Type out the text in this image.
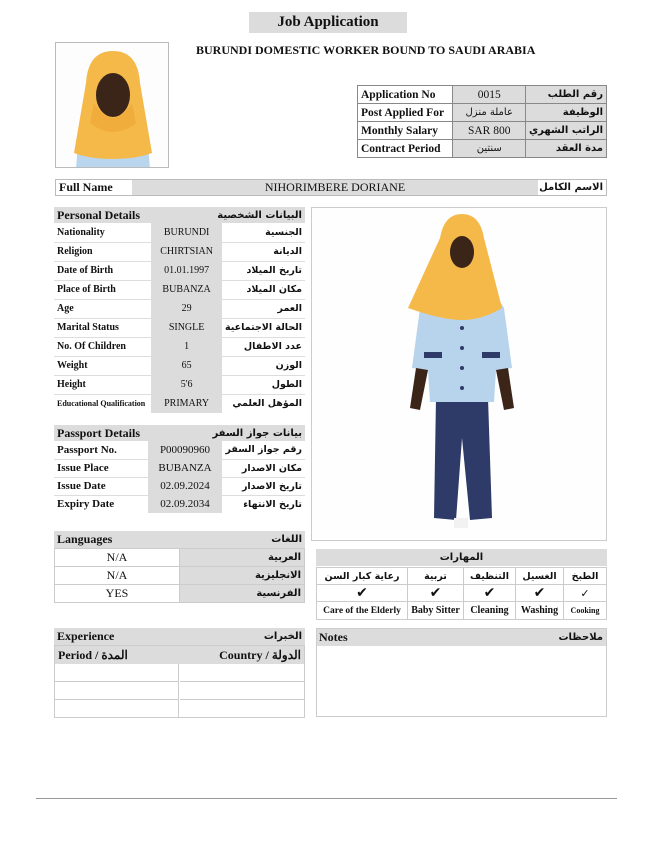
Job Application
BURUNDI DOMESTIC WORKER BOUND TO SAUDI ARABIA
Application No	0015	رقم الطلب
Post Applied For	عاملة منزل	الوظيفة
Monthly Salary	SAR 800	الراتب الشهري
Contract Period	سنتين	مدة العقد
Full Name	NIHORIMBERE DORIANE	الاسم الكامل
Personal Details	البيانات الشخصية
Nationality	BURUNDI	الجنسية
Religion	CHIRTSIAN	الديانة
Date of Birth	01.01.1997	تاريخ الميلاد
Place of Birth	BUBANZA	مكان الميلاد
Age	29	العمر
Marital Status	SINGLE	الحالة الاجتماعية
No. Of Children	1	عدد الاطفال
Weight	65	الوزن
Height	5'6	الطول
Educational Qualification	PRIMARY	المؤهل العلمي
Passport Details	بيانات جواز السفر
Passport No.	P00090960	رقم جواز السفر
Issue Place	BUBANZA	مكان الاصدار
Issue Date	02.09.2024	تاريخ الاصدار
Expiry Date	02.09.2034	تاريخ الانتهاء
Languages	اللغات
N/A	العربية
N/A	الانجليزية
YES	الفرنسية
المهارات
رعاية كبار السن	تربية	التنظيف	الغسيل	الطبخ
✔	✔	✔	✔	✓
Care of the Elderly	Baby Sitter	Cleaning	Washing	Cooking
Experience	الخبرات
Period / المدة	Country / الدولة
Notes	ملاحظات
